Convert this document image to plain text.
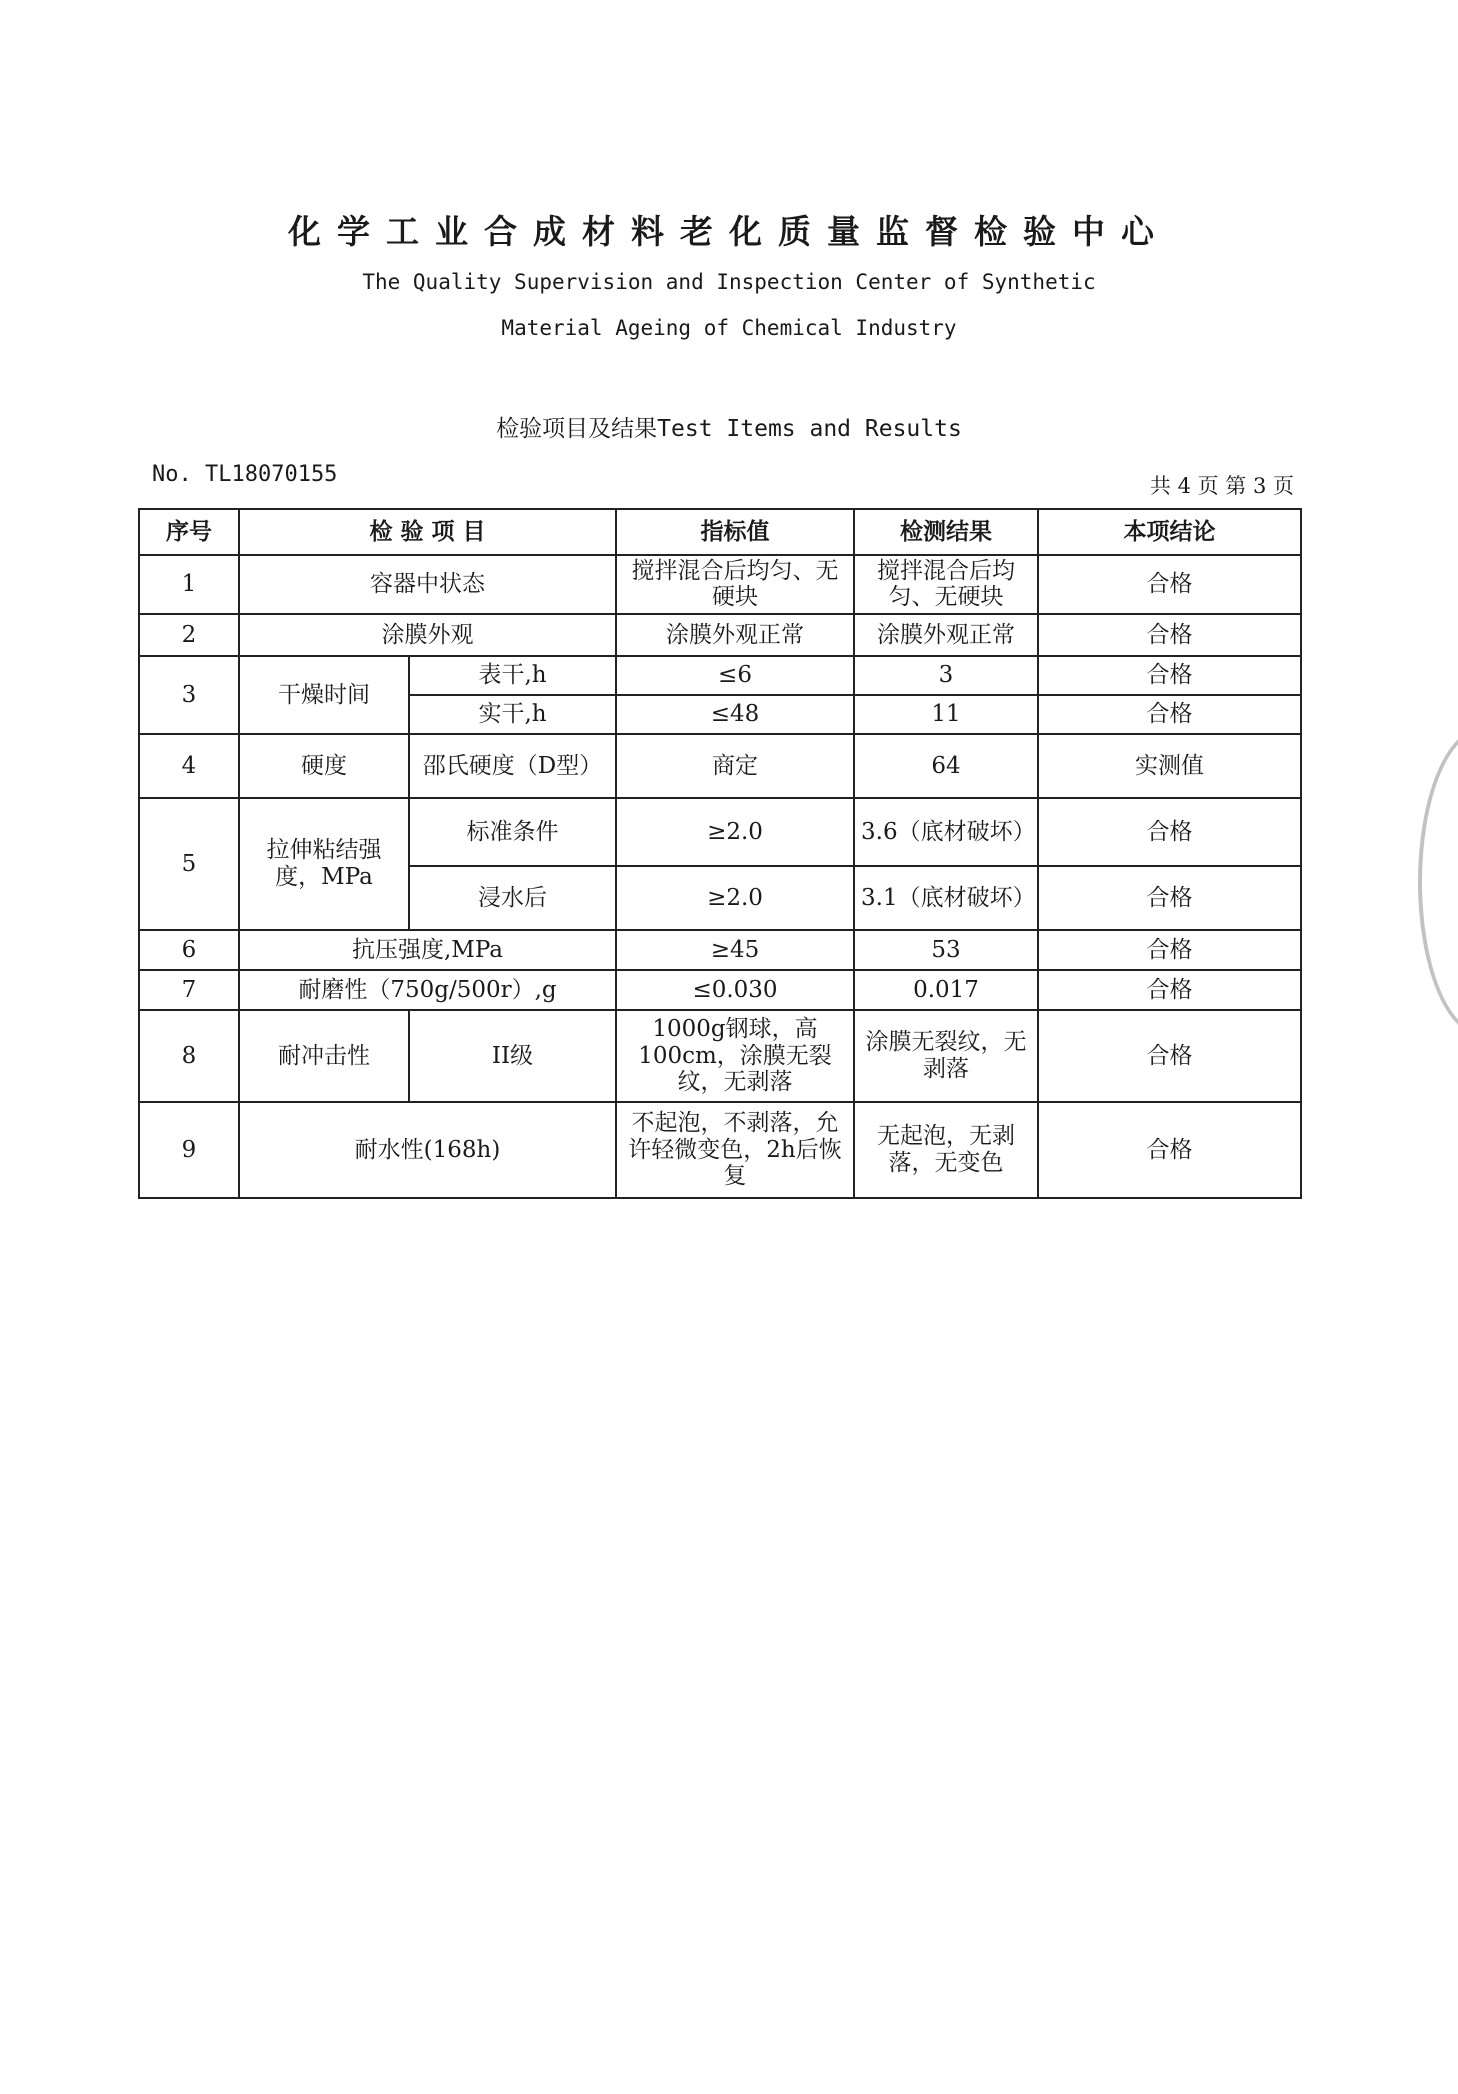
化学工业合成材料老化质量监督检验中心
The Quality Supervision and Inspection Center of Synthetic
Material Ageing of Chemical Industry
检验项目及结果Test Items and Results
No. TL18070155	共 4 页 第 3 页
序号	检 验 项 目		指标值	检测结果	本项结论
1	容器中状态		搅拌混合后均匀、无硬块	搅拌混合后均匀、无硬块	合格
2	涂膜外观		涂膜外观正常	涂膜外观正常	合格
3	干燥时间	表干,h	≤6	3	合格
		实干,h	≤48	11	合格
4	硬度	邵氏硬度（D型）	商定	64	实测值
5	拉伸粘结强度，MPa	标准条件	≥2.0	3.6（底材破坏）	合格
		浸水后	≥2.0	3.1（底材破坏）	合格
6	抗压强度,MPa		≥45	53	合格
7	耐磨性（750g/500r）,g		≤0.030	0.017	合格
8	耐冲击性	II级	1000g钢球，高100cm，涂膜无裂纹，无剥落	涂膜无裂纹，无剥落	合格
9	耐水性(168h)		不起泡，不剥落，允许轻微变色，2h后恢复	无起泡，无剥落，无变色	合格
